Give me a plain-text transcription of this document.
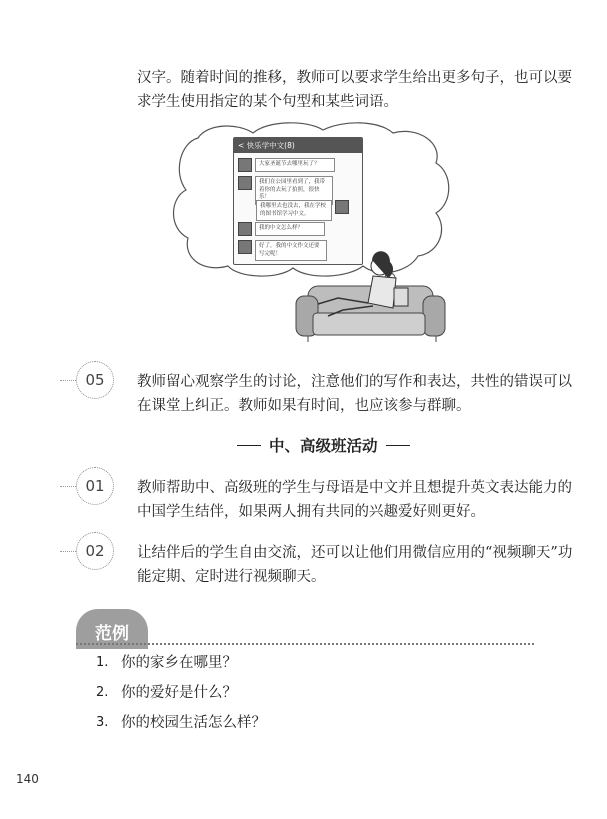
汉字。随着时间的推移，教师可以要求学生给出更多句子，也可以要求学生使用指定的某个句型和某些词语。

< 快乐学中文(8)
大家圣诞节去哪里玩了？
我们在公园里看到了，我带着你的去玩了拍照，很快乐！
我哪里去也没去，我在学校的图书馆学习中文。
我的中文怎么样？
好了，我的中文作文还要写完呢！
05	教师留心观察学生的讨论，注意他们的写作和表达，共性的错误可以在课堂上纠正。教师如果有时间，也应该参与群聊。

中、高级班活动
01	教师帮助中、高级班的学生与母语是中文并且想提升英文表达能力的中国学生结伴，如果两人拥有共同的兴趣爱好则更好。

02	让结伴后的学生自由交流，还可以让他们用微信应用的“视频聊天”功能定期、定时进行视频聊天。

范例
1. 你的家乡在哪里？
2. 你的爱好是什么？
3. 你的校园生活怎么样？
140
